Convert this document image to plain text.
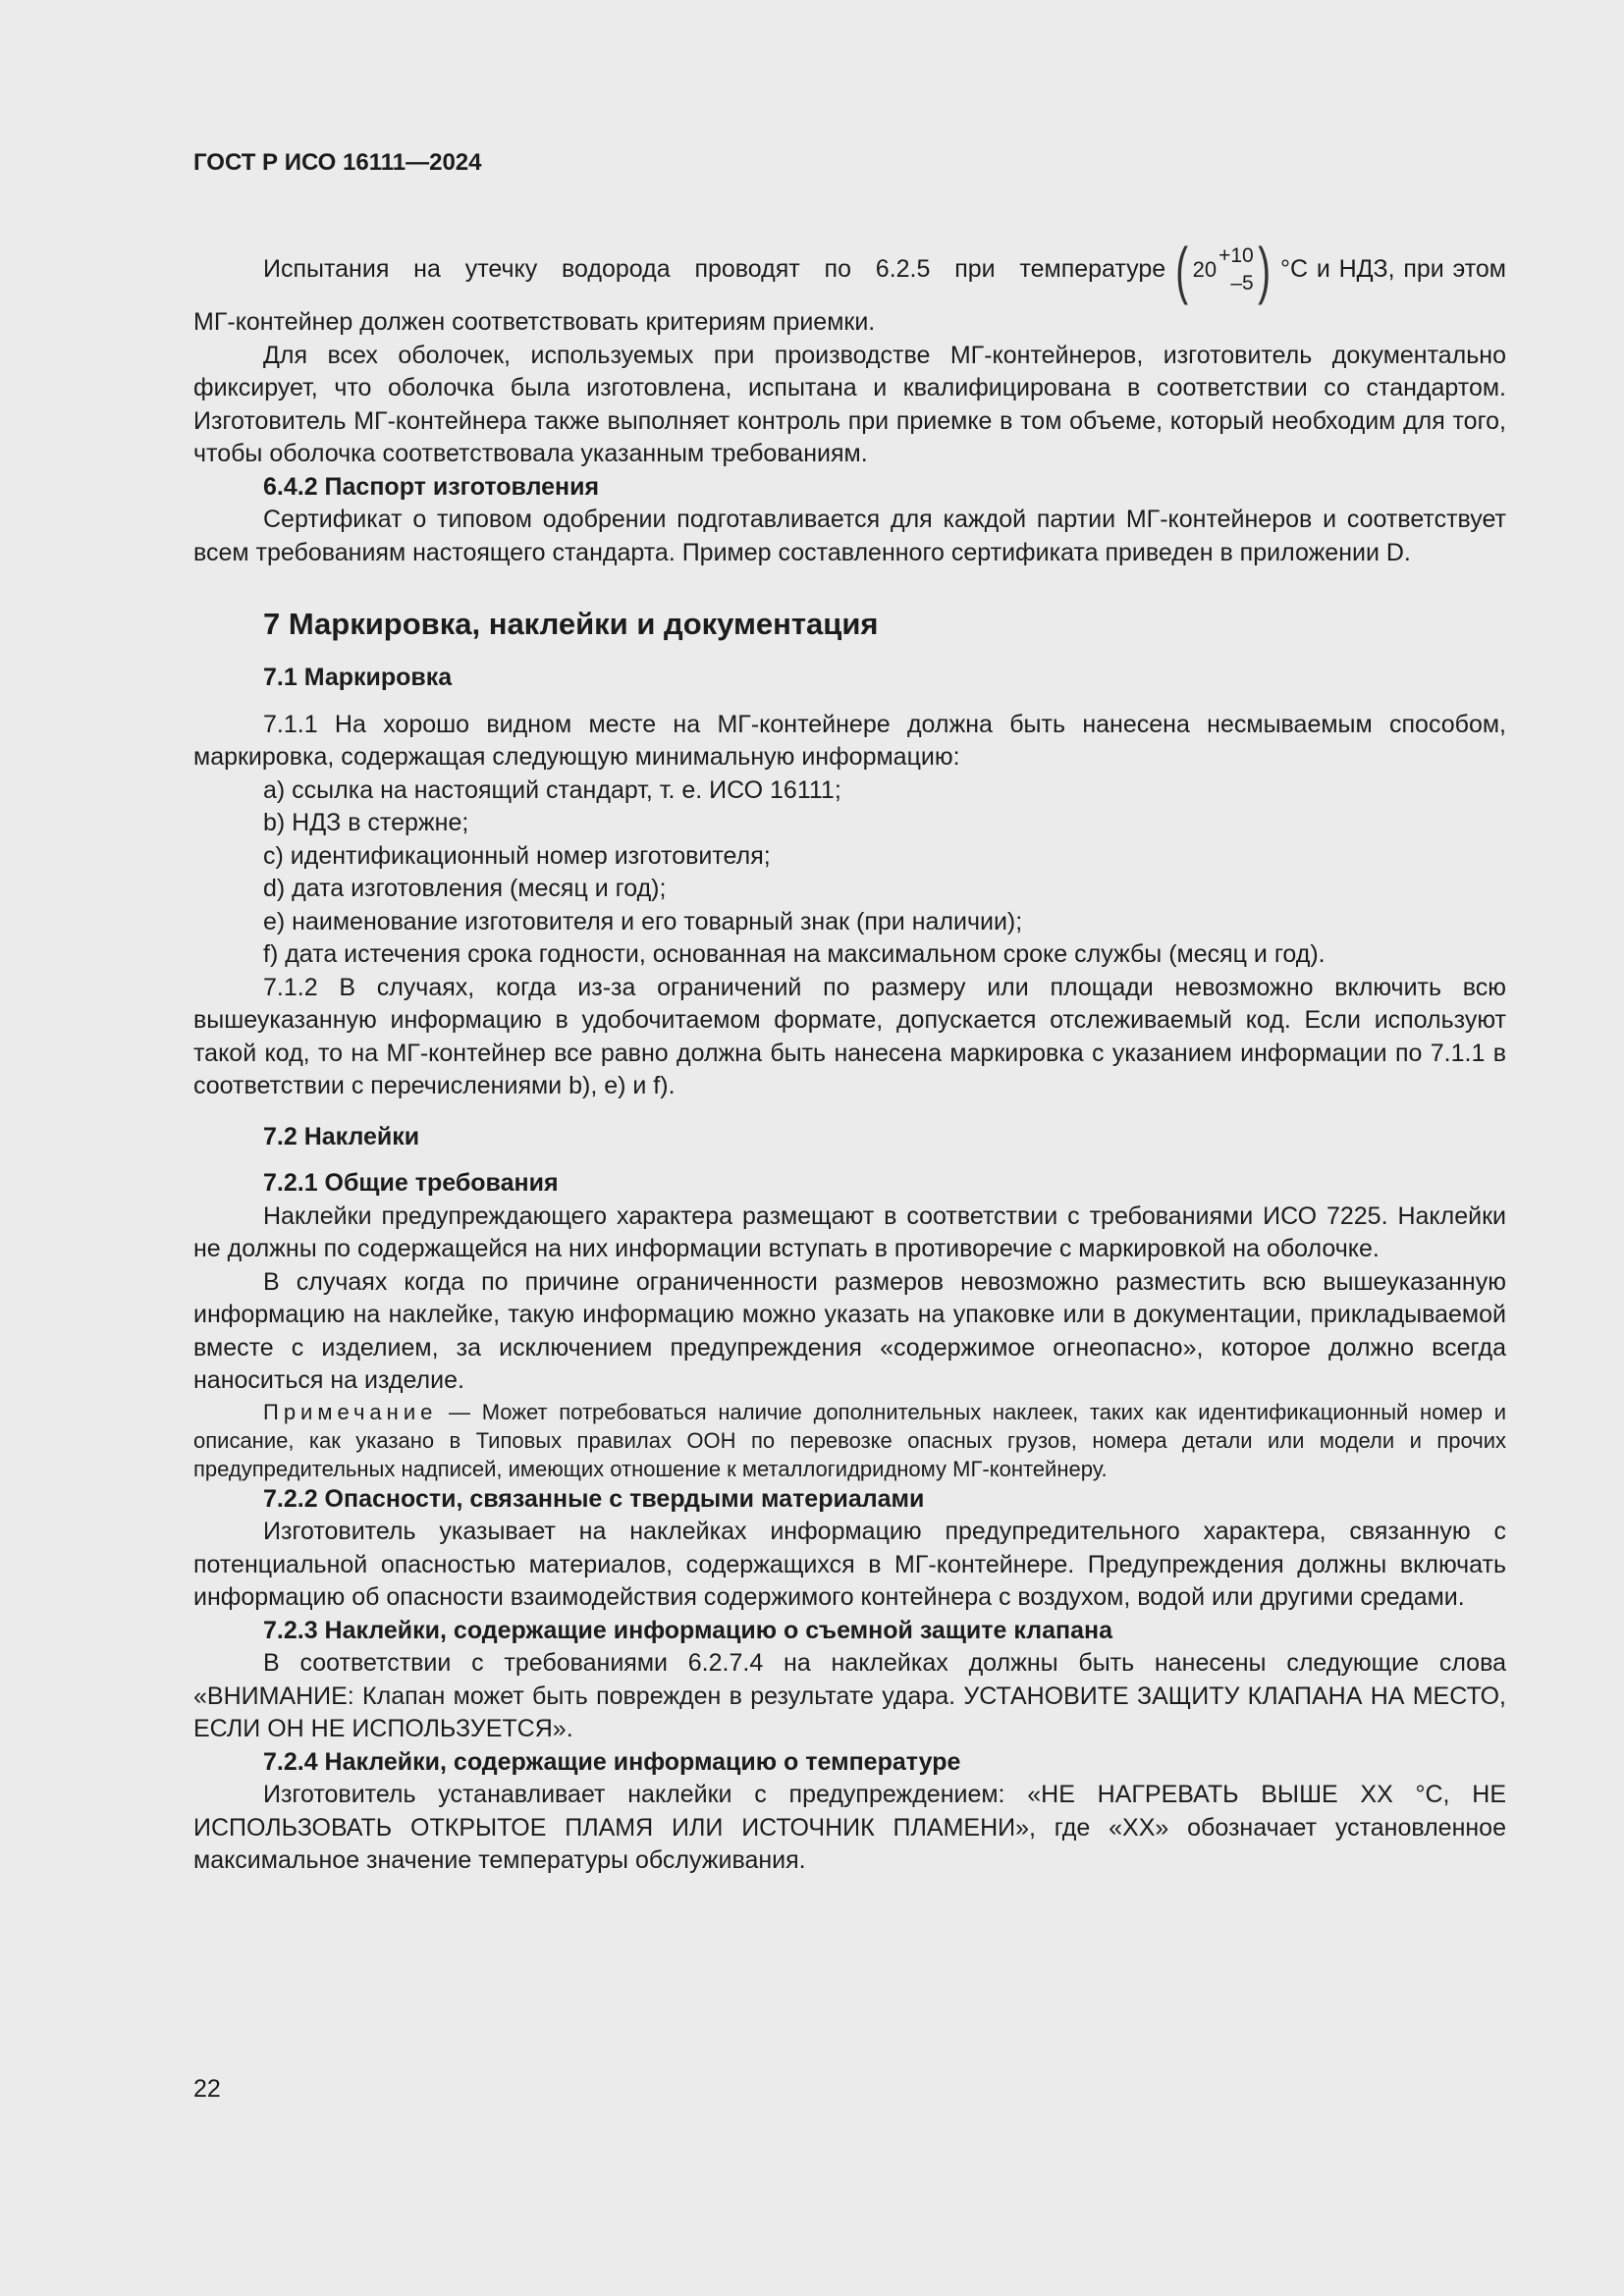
ГОСТ Р ИСО 16111—2024
Испытания на утечку водорода проводят по 6.2.5 при температуре ( 20
+10
–5 ) °С и НДЗ, при этом

МГ-контейнер должен соответствовать критериям приемки.

Для всех оболочек, используемых при производстве МГ-контейнеров, изготовитель документально фиксирует, что оболочка была изготовлена, испытана и квалифицирована в соответствии со стандартом. Изготовитель МГ-контейнера также выполняет контроль при приемке в том объеме, который необходим для того, чтобы оболочка соответствовала указанным требованиям.

6.4.2 Паспорт изготовления

Сертификат о типовом одобрении подготавливается для каждой партии МГ-контейнеров и соответствует всем требованиям настоящего стандарта. Пример составленного сертификата приведен в приложении D.

7 Маркировка, наклейки и документация
7.1 Маркировка

7.1.1 На хорошо видном месте на МГ-контейнере должна быть нанесена несмываемым способом, маркировка, содержащая следующую минимальную информацию:

a) ссылка на настоящий стандарт, т. е. ИСО 16111;

b) НДЗ в стержне;

c) идентификационный номер изготовителя;

d) дата изготовления (месяц и год);

e) наименование изготовителя и его товарный знак (при наличии);

f) дата истечения срока годности, основанная на максимальном сроке службы (месяц и год).

7.1.2 В случаях, когда из-за ограничений по размеру или площади невозможно включить всю вышеуказанную информацию в удобочитаемом формате, допускается отслеживаемый код. Если используют такой код, то на МГ-контейнер все равно должна быть нанесена маркировка с указанием информации по 7.1.1 в соответствии с перечислениями b), е) и f).

7.2 Наклейки

7.2.1 Общие требования

Наклейки предупреждающего характера размещают в соответствии с требованиями ИСО 7225. Наклейки не должны по содержащейся на них информации вступать в противоречие с маркировкой на оболочке.

В случаях когда по причине ограниченности размеров невозможно разместить всю вышеуказанную информацию на наклейке, такую информацию можно указать на упаковке или в документации, прикладываемой вместе с изделием, за исключением предупреждения «содержимое огнеопасно», которое должно всегда наноситься на изделие.

Примечание — Может потребоваться наличие дополнительных наклеек, таких как идентификационный номер и описание, как указано в Типовых правилах ООН по перевозке опасных грузов, номера детали или модели и прочих предупредительных надписей, имеющих отношение к металлогидридному МГ-контейнеру.

7.2.2 Опасности, связанные с твердыми материалами

Изготовитель указывает на наклейках информацию предупредительного характера, связанную с потенциальной опасностью материалов, содержащихся в МГ-контейнере. Предупреждения должны включать информацию об опасности взаимодействия содержимого контейнера с воздухом, водой или другими средами.

7.2.3 Наклейки, содержащие информацию о съемной защите клапана

В соответствии с требованиями 6.2.7.4 на наклейках должны быть нанесены следующие слова «ВНИМАНИЕ: Клапан может быть поврежден в результате удара. УСТАНОВИТЕ ЗАЩИТУ КЛАПАНА НА МЕСТО, ЕСЛИ ОН НЕ ИСПОЛЬЗУЕТСЯ».

7.2.4 Наклейки, содержащие информацию о температуре

Изготовитель устанавливает наклейки с предупреждением: «НЕ НАГРЕВАТЬ ВЫШЕ ХХ °С, НЕ ИСПОЛЬЗОВАТЬ ОТКРЫТОЕ ПЛАМЯ ИЛИ ИСТОЧНИК ПЛАМЕНИ», где «ХХ» обозначает установленное максимальное значение температуры обслуживания.

22
